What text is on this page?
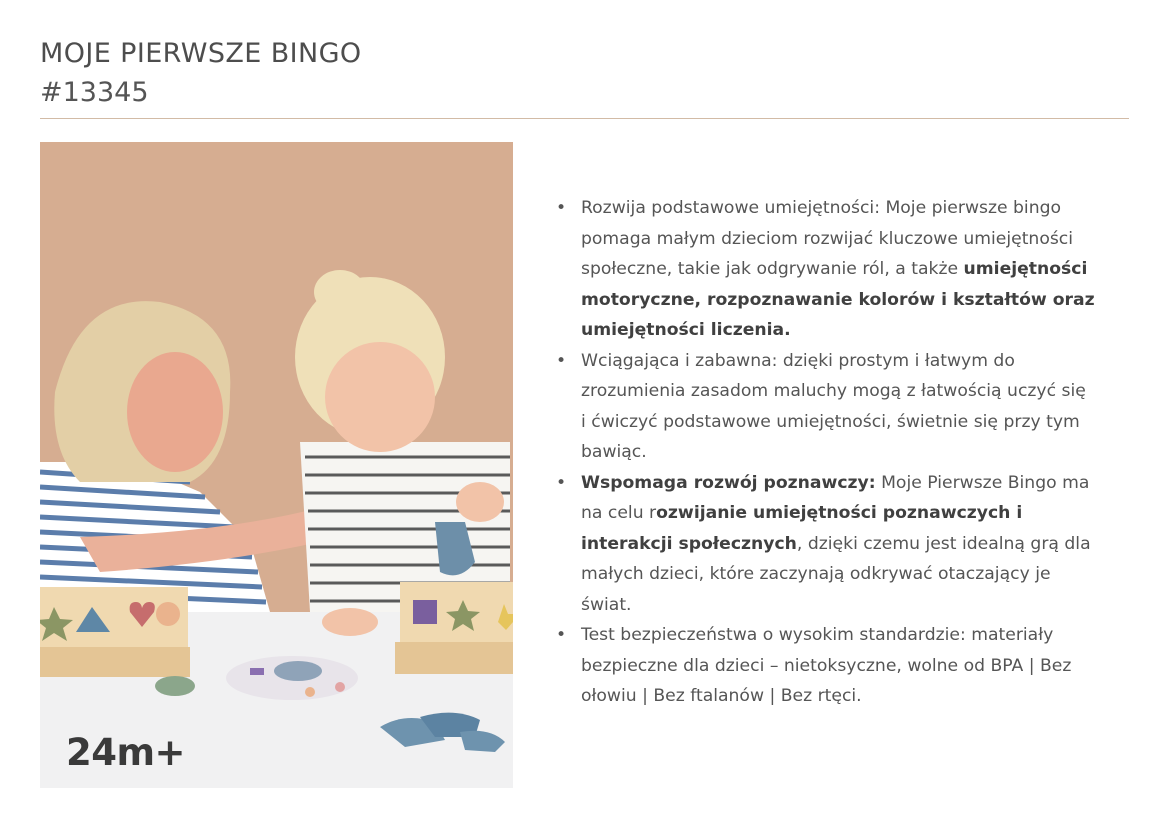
MOJE PIERWSZE BINGO
#13345
24m+
• Rozwija podstawowe umiejętności: Moje pierwsze bingo pomaga małym dzieciom rozwijać kluczowe umiejętności społeczne, takie jak odgrywanie ról, a także umiejętności motoryczne, rozpoznawanie kolorów i kształtów oraz umiejętności liczenia.
• Wciągająca i zabawna: dzięki prostym i łatwym do zrozumienia zasadom maluchy mogą z łatwością uczyć się i ćwiczyć podstawowe umiejętności, świetnie się przy tym bawiąc.
• Wspomaga rozwój poznawczy: Moje Pierwsze Bingo ma na celu rozwijanie umiejętności poznawczych i interakcji społecznych, dzięki czemu jest idealną grą dla małych dzieci, które zaczynają odkrywać otaczający je świat.
• Test bezpieczeństwa o wysokim standardzie: materiały bezpieczne dla dzieci – nietoksyczne, wolne od BPA | Bez ołowiu | Bez ftalanów | Bez rtęci.
